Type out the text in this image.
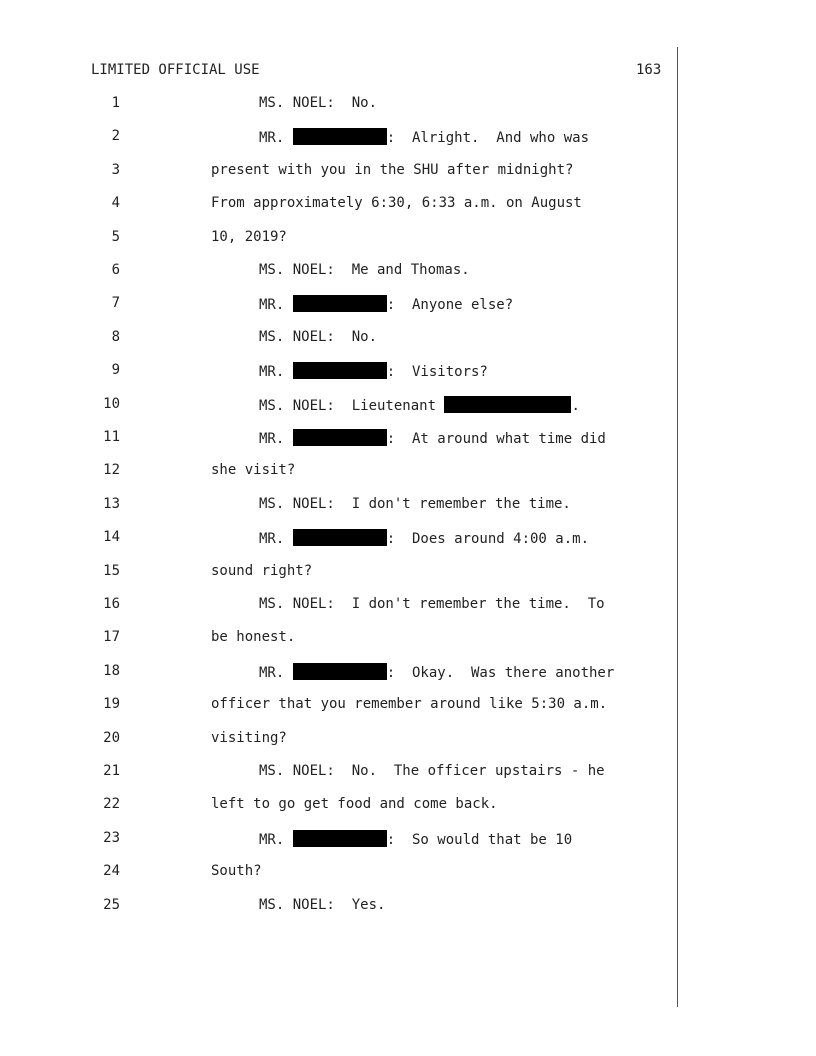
LIMITED OFFICIAL USE	163
1	MS. NOEL:  No.
2	MR.	:  Alright.  And who was
3	present with you in the SHU after midnight?
4	From approximately 6:30, 6:33 a.m. on August
5	10, 2019?
6	MS. NOEL:  Me and Thomas.
7	MR.	:  Anyone else?
8	MS. NOEL:  No.
9	MR.	:  Visitors?
10	MS. NOEL:  Lieutenant	.
11	MR.	:  At around what time did
12	she visit?
13	MS. NOEL:  I don't remember the time.
14	MR.	:  Does around 4:00 a.m.
15	sound right?
16	MS. NOEL:  I don't remember the time.  To
17	be honest.
18	MR.	:  Okay.  Was there another
19	officer that you remember around like 5:30 a.m.
20	visiting?
21	MS. NOEL:  No.  The officer upstairs - he
22	left to go get food and come back.
23	MR.	:  So would that be 10
24	South?
25	MS. NOEL:  Yes.
